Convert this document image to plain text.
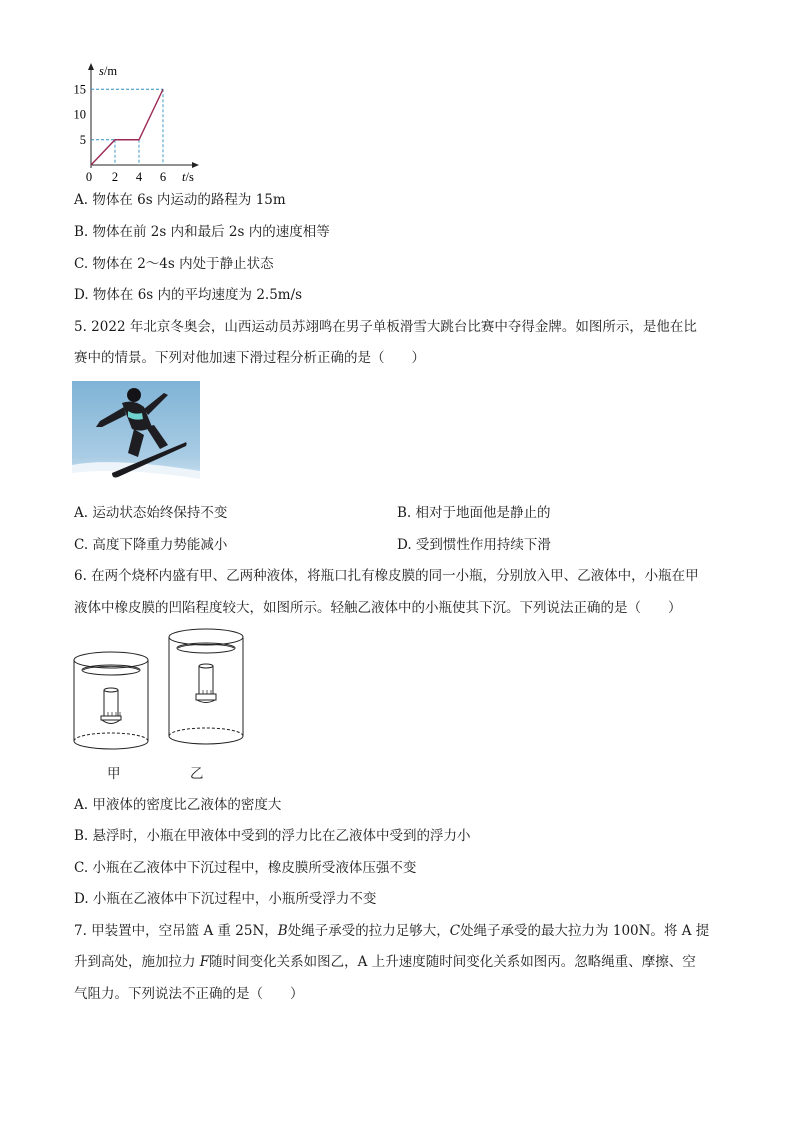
s/m
t/s
15
10
5
0 2 4 6
A. 物体在 6s 内运动的路程为 15m
B. 物体在前 2s 内和最后 2s 内的速度相等
C. 物体在 2～4s 内处于静止状态
D. 物体在 6s 内的平均速度为 2.5m/s
5. 2022 年北京冬奥会，山西运动员苏翊鸣在男子单板滑雪大跳台比赛中夺得金牌。如图所示，是他在比
赛中的情景。下列对他加速下滑过程分析正确的是（　　）
A. 运动状态始终保持不变	B. 相对于地面他是静止的
C. 高度下降重力势能减小	D. 受到惯性作用持续下滑
6. 在两个烧杯内盛有甲、乙两种液体，将瓶口扎有橡皮膜的同一小瓶，分别放入甲、乙液体中，小瓶在甲
液体中橡皮膜的凹陷程度较大，如图所示。轻触乙液体中的小瓶使其下沉。下列说法正确的是（　　）
甲	乙
A. 甲液体的密度比乙液体的密度大
B. 悬浮时，小瓶在甲液体中受到的浮力比在乙液体中受到的浮力小
C. 小瓶在乙液体中下沉过程中，橡皮膜所受液体压强不变
D. 小瓶在乙液体中下沉过程中，小瓶所受浮力不变
7. 甲装置中，空吊篮 A 重 25N，B处绳子承受的拉力足够大，C处绳子承受的最大拉力为 100N。将 A 提
升到高处，施加拉力 F随时间变化关系如图乙，A 上升速度随时间变化关系如图丙。忽略绳重、摩擦、空
气阻力。下列说法不正确的是（　　）
